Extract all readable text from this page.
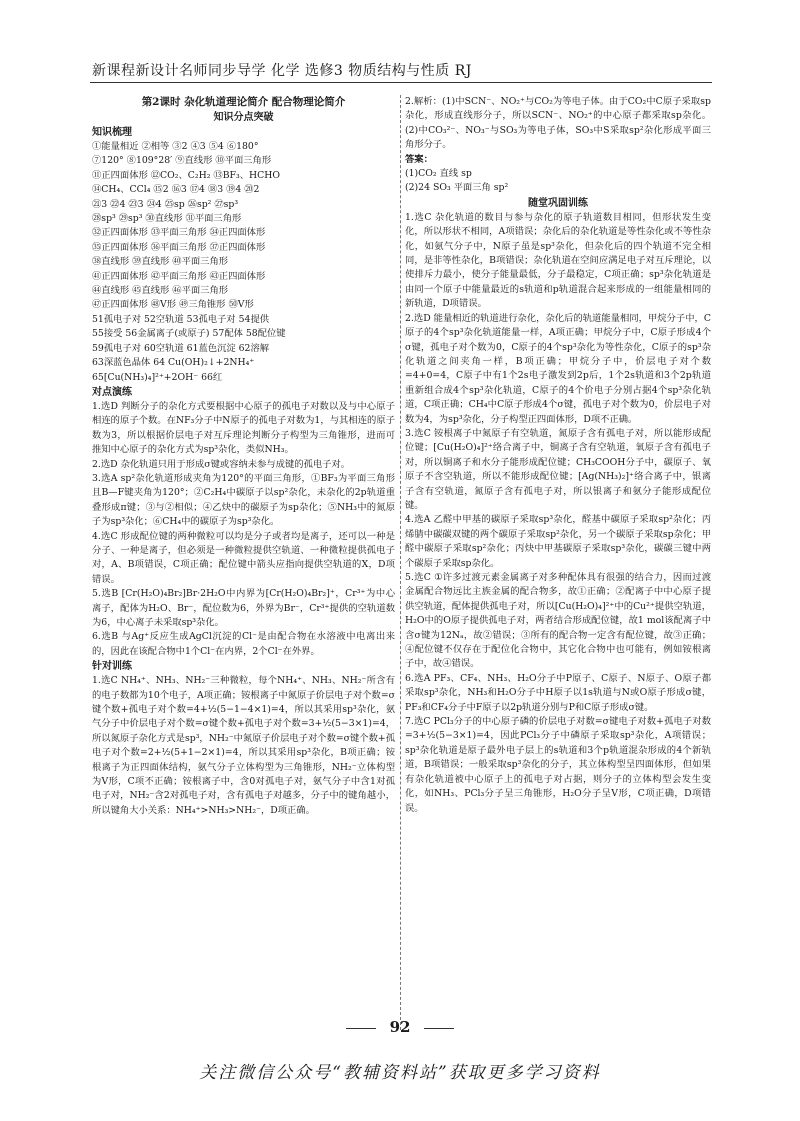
新课程新设计名师同步导学 化学 选修3 物质结构与性质 RJ
第2课时 杂化轨道理论简介 配合物理论简介
知识分点突破
知识梳理
①能量相近 ②相等 ③2 ④3 ⑤4 ⑥180°
⑦120° ⑧109°28′ ⑨直线形 ⑩平面三角形
⑪正四面体形 ⑫CO₂、C₂H₂ ⑬BF₃、HCHO
⑭CH₄、CCl₄ ⑮2 ⑯3 ⑰4 ⑱3 ⑲4 ⑳2
㉑3 ㉒4 ㉓3 ㉔4 ㉕sp ㉖sp² ㉗sp³
㉘sp³ ㉙sp³ ㉚直线形 ㉛平面三角形
㉜正四面体形 ㉝平面三角形 ㉞正四面体形
㉟正四面体形 ㊱平面三角形 ㊲正四面体形
㊳直线形 ㊴直线形 ㊵平面三角形
㊶正四面体形 ㊷平面三角形 ㊸正四面体形
㊹直线形 ㊺直线形 ㊻平面三角形
㊼正四面体形 ㊽V形 ㊾三角锥形 ㊿V形
51孤电子对 52空轨道 53孤电子对 54提供
55接受 56金属离子(或原子) 57配体 58配位键
59孤电子对 60空轨道 61蓝色沉淀 62溶解
63深蓝色晶体 64 Cu(OH)₂↓+2NH₄⁺
65[Cu(NH₃)₄]²⁺+2OH⁻ 66红
对点演练

1.选D 判断分子的杂化方式要根据中心原子的孤电子对数以及与中心原子相连的原子个数。在NF₃分子中N原子的孤电子对数为1，与其相连的原子数为3，所以根据价层电子对互斥理论判断分子构型为三角锥形，进而可推知中心原子的杂化方式为sp³杂化，类似NH₃。

2.选D 杂化轨道只用于形成σ键或容纳未参与成键的孤电子对。

3.选A sp²杂化轨道形成夹角为120°的平面三角形，①BF₃为平面三角形且B—F键夹角为120°；②C₂H₄中碳原子以sp²杂化，未杂化的2p轨道重叠形成π键；③与②相似；④乙炔中的碳原子为sp杂化；⑤NH₃中的氮原子为sp³杂化；⑥CH₄中的碳原子为sp³杂化。

4.选C 形成配位键的两种微粒可以均是分子或者均是离子，还可以一种是分子、一种是离子，但必须是一种微粒提供空轨道、一种微粒提供孤电子对，A、B项错误，C项正确；配位键中箭头应指向提供空轨道的X，D项错误。

5.选B [Cr(H₂O)₄Br₂]Br·2H₂O中内界为[Cr(H₂O)₄Br₂]⁺，Cr³⁺为中心离子，配体为H₂O、Br⁻，配位数为6，外界为Br⁻，Cr³⁺提供的空轨道数为6，中心离子未采取sp³杂化。

6.选B 与Ag⁺反应生成AgCl沉淀的Cl⁻是由配合物在水溶液中电离出来的，因此在该配合物中1个Cl⁻在内界，2个Cl⁻在外界。

针对训练

1.选C NH₄⁺、NH₃、NH₂⁻三种微粒，每个NH₄⁺、NH₃、NH₂⁻所含有的电子数都为10个电子，A项正确；铵根离子中氮原子价层电子对个数=σ键个数+孤电子对个数=4+½(5−1−4×1)=4，所以其采用sp³杂化，氨气分子中价层电子对个数=σ键个数+孤电子对个数=3+½(5−3×1)=4，所以氮原子杂化方式是sp³，NH₂⁻中氮原子价层电子对个数=σ键个数+孤电子对个数=2+½(5+1−2×1)=4，所以其采用sp³杂化，B项正确；铵根离子为正四面体结构，氨气分子立体构型为三角锥形，NH₂⁻立体构型为V形，C项不正确；铵根离子中，含0对孤电子对，氨气分子中含1对孤电子对，NH₂⁻含2对孤电子对，含有孤电子对越多，分子中的键角越小，所以键角大小关系：NH₄⁺>NH₃>NH₂⁻，D项正确。

2.解析：(1)中SCN⁻、NO₂⁺与CO₂为等电子体。由于CO₂中C原子采取sp杂化，形成直线形分子，所以SCN⁻、NO₂⁺的中心原子都采取sp杂化。(2)中CO₃²⁻、NO₃⁻与SO₃为等电子体，SO₃中S采取sp²杂化形成平面三角形分子。

答案：
(1)CO₂ 直线 sp
(2)24 SO₃ 平面三角 sp²
随堂巩固训练

1.选C 杂化轨道的数目与参与杂化的原子轨道数目相同，但形状发生变化，所以形状不相同，A项错误；杂化后的杂化轨道是等性杂化或不等性杂化，如氨气分子中，N原子虽是sp³杂化，但杂化后的四个轨道不完全相同，是非等性杂化，B项错误；杂化轨道在空间应满足电子对互斥理论，以使排斥力最小，使分子能量最低，分子最稳定，C项正确；sp³杂化轨道是由同一个原子中能量最近的s轨道和p轨道混合起来形成的一组能量相同的新轨道，D项错误。

2.选D 能量相近的轨道进行杂化，杂化后的轨道能量相同，甲烷分子中，C原子的4个sp³杂化轨道能量一样，A项正确；甲烷分子中，C原子形成4个σ键，孤电子对个数为0，C原子的4个sp³杂化为等性杂化，C原子的sp³杂化轨道之间夹角一样，B项正确；甲烷分子中，价层电子对个数=4+0=4，C原子中有1个2s电子激发到2p后，1个2s轨道和3个2p轨道重新组合成4个sp³杂化轨道，C原子的4个价电子分别占据4个sp³杂化轨道，C项正确；CH₄中C原子形成4个σ键，孤电子对个数为0，价层电子对数为4，为sp³杂化，分子构型正四面体形，D项不正确。

3.选C 铵根离子中氮原子有空轨道，氮原子含有孤电子对，所以能形成配位键；[Cu(H₂O)₄]²⁺络合离子中，铜离子含有空轨道，氧原子含有孤电子对，所以铜离子和水分子能形成配位键；CH₃COOH分子中，碳原子、氧原子不含空轨道，所以不能形成配位键；[Ag(NH₃)₂]⁺络合离子中，银离子含有空轨道，氮原子含有孤电子对，所以银离子和氨分子能形成配位键。

4.选A 乙醛中甲基的碳原子采取sp³杂化，醛基中碳原子采取sp²杂化；丙烯腈中碳碳双键的两个碳原子采取sp²杂化，另一个碳原子采取sp杂化；甲醛中碳原子采取sp²杂化；丙炔中甲基碳原子采取sp³杂化，碳碳三键中两个碳原子采取sp杂化。

5.选C ①许多过渡元素金属离子对多种配体具有很强的结合力，因而过渡金属配合物远比主族金属的配合物多，故①正确；②配离子中中心原子提供空轨道，配体提供孤电子对，所以[Cu(H₂O)₄]²⁺中的Cu²⁺提供空轨道，H₂O中的O原子提供孤电子对，两者结合形成配位键，故1 mol该配离子中含σ键为12Nₐ，故②错误；③所有的配合物一定含有配位键，故③正确；④配位键不仅存在于配位化合物中，其它化合物中也可能有，例如铵根离子中，故④错误。

6.选A PF₃、CF₄、NH₃、H₂O分子中P原子、C原子、N原子、O原子都采取sp³杂化，NH₃和H₂O分子中H原子以1s轨道与N或O原子形成σ键，PF₃和CF₄分子中F原子以2p轨道分别与P和C原子形成σ键。

7.选C PCl₃分子的中心原子磷的价层电子对数=σ键电子对数+孤电子对数=3+½(5−3×1)=4，因此PCl₃分子中磷原子采取sp³杂化，A项错误；sp³杂化轨道是原子最外电子层上的s轨道和3个p轨道混杂形成的4个新轨道，B项错误；一般采取sp³杂化的分子，其立体构型呈四面体形，但如果有杂化轨道被中心原子上的孤电子对占据，则分子的立体构型会发生变化，如NH₃、PCl₃分子呈三角锥形，H₂O分子呈V形，C项正确，D项错误。

92
关注微信公众号“教辅资料站”获取更多学习资料
